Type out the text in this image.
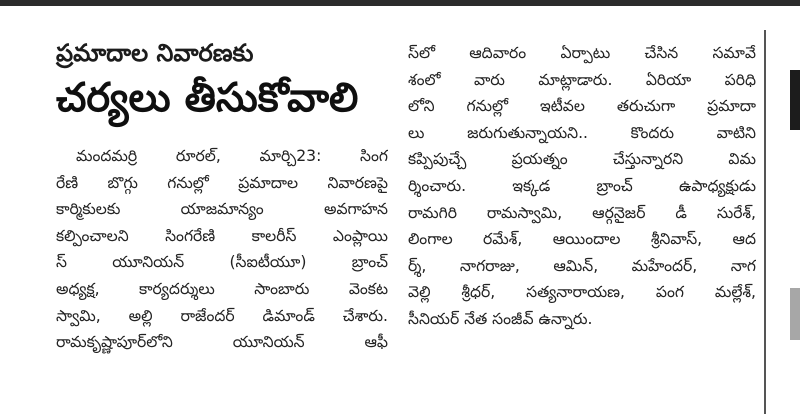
ప్రమాదాల నివారణకు
చర్యలు తీసుకోవాలి
మందమర్రి రూరల్, మార్చి23: సింగ
రేణి బొగ్గు గనుల్లో ప్రమాదాల నివారణపై
కార్మికులకు యాజమాన్యం అవగాహన
కల్పించాలని సింగరేణి కాలరీస్ ఎంప్లాయి
స్ యూనియన్ (సీఐటీయూ) బ్రాంచ్
అధ్యక్ష, కార్యదర్శులు సాంబారు వెంకట
స్వామి, అల్లి రాజేందర్ డిమాండ్ చేశారు.
రామకృష్ణాపూర్‌లోని యూనియన్ ఆఫీ
స్‌లో ఆదివారం ఏర్పాటు చేసిన సమావే
శంలో వారు మాట్లాడారు. ఏరియా పరిధి
లోని గనుల్లో ఇటీవల తరుచుగా ప్రమాదా
లు జరుగుతున్నాయని.. కొందరు వాటిని
కప్పిపుచ్చే ప్రయత్నం చేస్తున్నారని విమ
ర్శించారు. ఇక్కడ బ్రాంచ్ ఉపాధ్యక్షుడు
రామగిరి రామస్వామి, ఆర్గనైజర్ డీ సురేశ్,
లింగాల రమేశ్, ఆయిందాల శ్రీనివాస్, ఆద
ర్శ్, నాగరాజు, ఆమిన్, మహేందర్, నాగ
వెల్లి శ్రీధర్, సత్యనారాయణ, పంగ మల్లేశ్,
సీనియర్ నేత సంజీవ్ ఉన్నారు.
